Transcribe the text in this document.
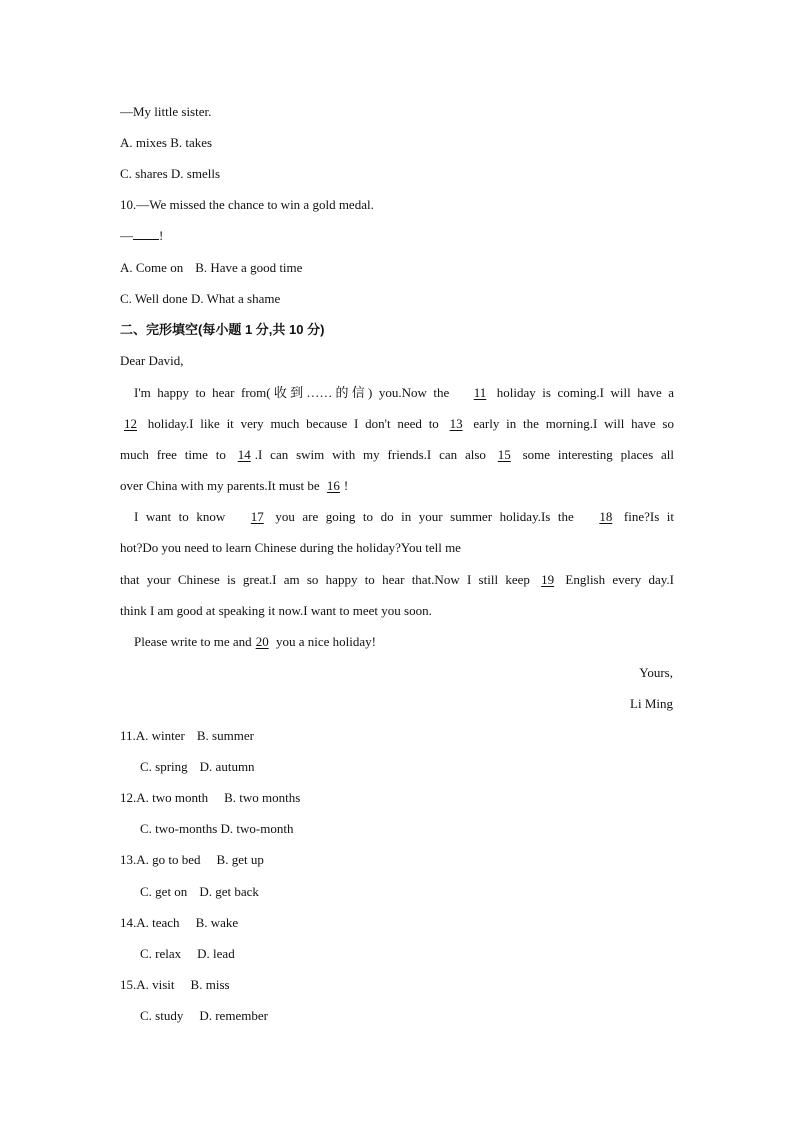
—My little sister.
A. mixes B. takes
C. shares D. smells
10.—We missed the chance to win a gold medal.
— !
A. Come on B. Have a good time
C. Well done D. What a shame
二、完形填空(每小题 1 分,共 10 分)
Dear David,
I'm happy to hear from(收到……的信) you.Now the 11 holiday is coming.I will have a
12 holiday.I like it very much because I don't need to 13 early in the morning.I will have so
much free time to 14 .I can swim with my friends.I can also 15 some interesting places all
over China with my parents.It must be 16 !
I want to know 17 you are going to do in your summer holiday.Is the 18 fine?Is it
hot?Do you need to learn Chinese during the holiday?You tell me
that your Chinese is great.I am so happy to hear that.Now I still keep 19 English every day.I
think I am good at speaking it now.I want to meet you soon.
Please write to me and 20 you a nice holiday!
Yours,
Li Ming
11.A. winter B. summer
C. spring D. autumn
12.A. two month B. two months
C. two-months D. two-month
13.A. go to bed B. get up
C. get on D. get back
14.A. teach B. wake
C. relax D. lead
15.A. visit B. miss
C. study D. remember
